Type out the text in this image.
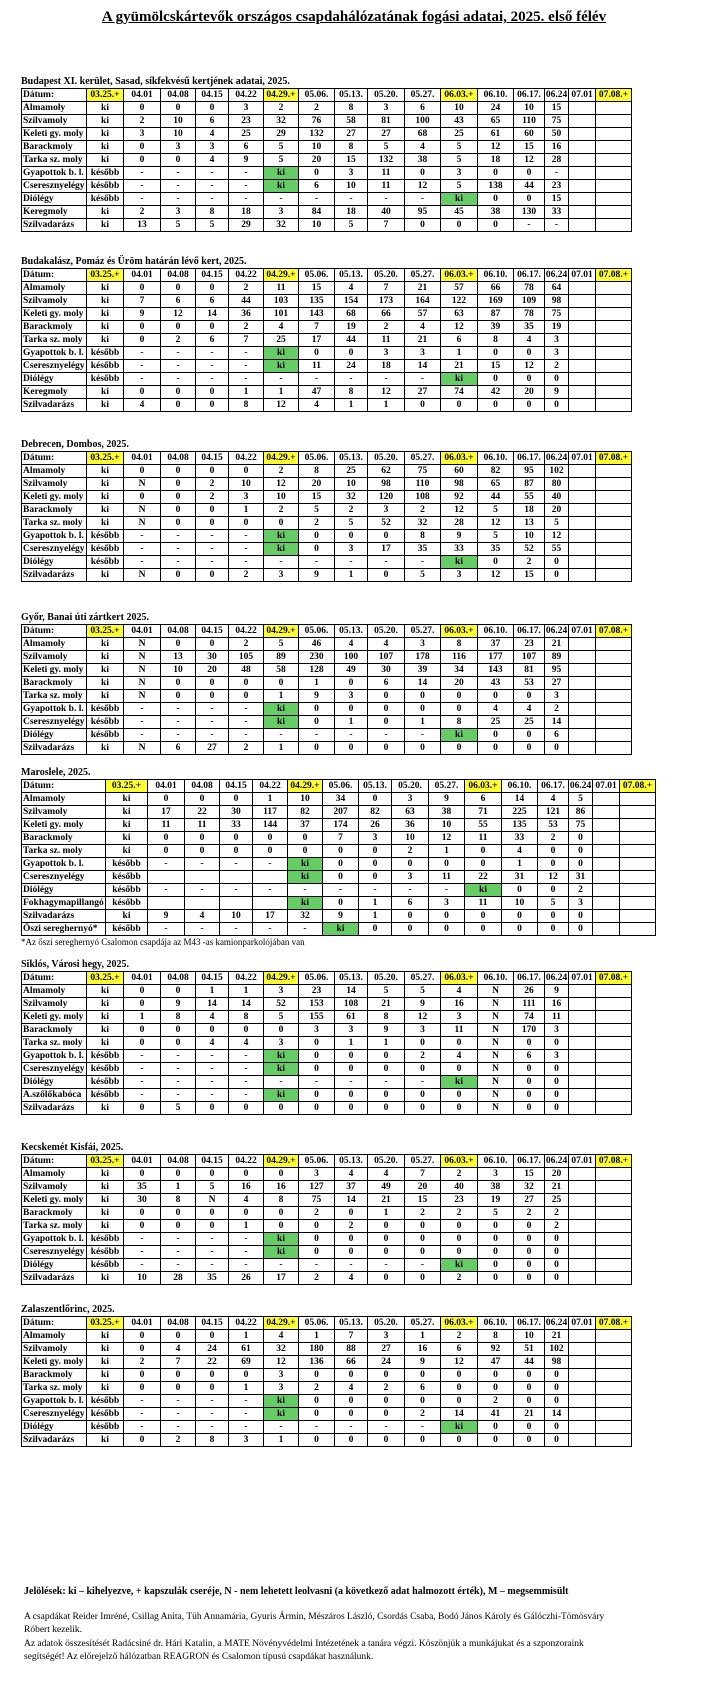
A gyümölcskártevők országos csapdahálózatának fogási adatai, 2025. első félév
Budapest XI. kerület, Sasad, síkfekvésű kertjének adatai, 2025.
Dátum:	03.25.+	04.01	04.08	04.15	04.22	04.29.+	05.06.	05.13.	05.20.	05.27.	06.03.+	06.10.	06.17.	06.24	07.01	07.08.+
Almamoly	ki	0	0	0	3	2	2	8	3	6	10	24	10	15		
Szilvamoly	ki	2	10	6	23	32	76	58	81	100	43	65	110	75		
Keleti gy. moly	ki	3	10	4	25	29	132	27	27	68	25	61	60	50		
Barackmoly	ki	0	3	3	6	5	10	8	5	4	5	12	15	16		
Tarka sz. moly	ki	0	0	4	9	5	20	15	132	38	5	18	12	28		
Gyapottok b. l.	később	-	-	-	-	ki	0	3	11	0	3	0	0	-		
Cseresznyelégy	később	-	-	-	-	ki	6	10	11	12	5	138	44	23		
Diólégy	később	-	-	-	-	-	-	-	-	-	ki	0	0	15		
Keregmoly	ki	2	3	8	18	3	84	18	40	95	45	38	130	33		
Szilvadarázs	ki	13	5	5	29	32	10	5	7	0	0	0	-	-		
Budakalász, Pomáz és Üröm határán lévő kert, 2025.
Dátum:	03.25.+	04.01	04.08	04.15	04.22	04.29.+	05.06.	05.13.	05.20.	05.27.	06.03.+	06.10.	06.17.	06.24	07.01	07.08.+
Almamoly	ki	0	0	0	2	11	15	4	7	21	57	66	78	64		
Szilvamoly	ki	7	6	6	44	103	135	154	173	164	122	169	109	98		
Keleti gy. moly	ki	9	12	14	36	101	143	68	66	57	63	87	78	75		
Barackmoly	ki	0	0	0	2	4	7	19	2	4	12	39	35	19		
Tarka sz. moly	ki	0	2	6	7	25	17	44	11	21	6	8	4	3		
Gyapottok b. l.	később	-	-	-	-	ki	0	0	3	3	1	0	0	3		
Cseresznyelégy	később	-	-	-	-	ki	11	24	18	14	21	15	12	2		
Diólégy	később	-	-	-	-	-	-	-	-	-	ki	0	0	0		
Keregmoly	ki	0	0	0	1	1	47	8	12	27	74	42	20	9		
Szilvadarázs	ki	4	0	0	8	12	4	1	1	0	0	0	0	0		
Debrecen, Dombos, 2025.
Dátum:	03.25.+	04.01	04.08	04.15	04.22	04.29.+	05.06.	05.13.	05.20.	05.27.	06.03.+	06.10.	06.17.	06.24	07.01	07.08.+
Almamoly	ki	0	0	0	0	2	8	25	62	75	60	82	95	102		
Szilvamoly	ki	N	0	2	10	12	20	10	98	110	98	65	87	80		
Keleti gy. moly	ki	0	0	2	3	10	15	32	120	108	92	44	55	40		
Barackmoly	ki	N	0	0	1	2	5	2	3	2	12	5	18	20		
Tarka sz. moly	ki	N	0	0	0	0	2	5	52	32	28	12	13	5		
Gyapottok b. l.	később	-	-	-	-	ki	0	0	0	8	9	5	10	12		
Cseresznyelégy	később	-	-	-	-	ki	0	3	17	35	33	35	52	55		
Diólégy	később	-	-	-	-	-	-	-	-	-	ki	0	2	0		
Szilvadarázs	ki	N	0	0	2	3	9	1	0	5	3	12	15	0		
Győr, Banai úti zártkert 2025.
Dátum:	03.25.+	04.01	04.08	04.15	04.22	04.29.+	05.06.	05.13.	05.20.	05.27.	06.03.+	06.10.	06.17.	06.24	07.01	07.08.+
Almamoly	ki	N	0	0	2	5	46	4	4	3	8	37	23	21		
Szilvamoly	ki	N	13	30	105	89	230	100	107	178	116	177	107	89		
Keleti gy. moly	ki	N	10	20	48	58	128	49	30	39	34	143	81	95		
Barackmoly	ki	N	0	0	0	0	1	0	6	14	20	43	53	27		
Tarka sz. moly	ki	N	0	0	0	1	9	3	0	0	0	0	0	3		
Gyapottok b. l.	később	-	-	-	-	ki	0	0	0	0	0	4	4	2		
Cseresznyelégy	később	-	-	-	-	ki	0	1	0	1	8	25	25	14		
Diólégy	később	-	-	-	-	-	-	-	-	-	ki	0	0	6		
Szilvadarázs	ki	N	6	27	2	1	0	0	0	0	0	0	0	0		
Maroslele, 2025.
Dátum:	03.25.+	04.01	04.08	04.15	04.22	04.29.+	05.06.	05.13.	05.20.	05.27.	06.03.+	06.10.	06.17.	06.24	07.01	07.08.+
Almamoly	ki	0	0	0	1	10	34	0	3	9	6	14	4	5		
Szilvamoly	ki	17	22	30	117	82	207	82	63	38	71	225	121	86		
Keleti gy. moly	ki	11	11	33	144	37	174	26	36	10	55	135	53	75		
Barackmoly	ki	0	0	0	0	0	7	3	10	12	11	33	2	0		
Tarka sz. moly	ki	0	0	0	0	0	0	0	2	1	0	4	0	0		
Gyapottok b. l.	később	-	-	-	-	ki	0	0	0	0	0	1	0	0		
Cseresznyelégy	később					ki	0	0	3	11	22	31	12	31		
Diólégy	később	-	-	-	-	-	-	-	-	-	ki	0	0	2		
Fokhagymapillangó	később					ki	0	1	6	3	11	10	5	3		
Szilvadarázs	ki	9	4	10	17	32	9	1	0	0	0	0	0	0		
Őszi sereghernyó*	később	-	-	-	-	-	ki	0	0	0	0	0	0	0		
*Az őszi sereghernyó Csalomon csapdája az M43 -as kamionparkolójában van
Siklós, Városi hegy, 2025.
Dátum:	03.25.+	04.01	04.08	04.15	04.22	04.29.+	05.06.	05.13.	05.20.	05.27.	06.03.+	06.10.	06.17.	06.24	07.01	07.08.+
Almamoly	ki	0	0	1	1	3	23	14	5	5	4	N	26	9		
Szilvamoly	ki	0	9	14	14	52	153	108	21	9	16	N	111	16		
Keleti gy. moly	ki	1	8	4	8	5	155	61	8	12	3	N	74	11		
Barackmoly	ki	0	0	0	0	0	3	3	9	3	11	N	170	3		
Tarka sz. moly	ki	0	0	4	4	3	0	1	1	0	0	N	0	0		
Gyapottok b. l.	később	-	-	-	-	ki	0	0	0	2	4	N	6	3		
Cseresznyelégy	később	-	-	-	-	ki	0	0	0	0	0	N	0	0		
Diólégy	később	-	-	-	-	-	-	-	-	-	ki	N	0	0		
A.szőlőkabóca	később	-	-	-	-	ki	0	0	0	0	0	N	0	0		
Szilvadarázs	ki	0	5	0	0	0	0	0	0	0	0	N	0	0		
Kecskemét Kisfái, 2025.
Dátum:	03.25.+	04.01	04.08	04.15	04.22	04.29.+	05.06.	05.13.	05.20.	05.27.	06.03.+	06.10.	06.17.	06.24	07.01	07.08.+
Almamoly	ki	0	0	0	0	0	3	4	4	7	2	3	15	20		
Szilvamoly	ki	35	1	5	16	16	127	37	49	20	40	38	32	21		
Keleti gy. moly	ki	30	8	N	4	8	75	14	21	15	23	19	27	25		
Barackmoly	ki	0	0	0	0	0	2	0	1	2	2	5	2	2		
Tarka sz. moly	ki	0	0	0	1	0	0	2	0	0	0	0	0	2		
Gyapottok b. l.	később	-	-	-	-	ki	0	0	0	0	0	0	0	0		
Cseresznyelégy	később	-	-	-	-	ki	0	0	0	0	0	0	0	0		
Diólégy	később	-	-	-	-	-	-	-	-	-	ki	0	0	0		
Szilvadarázs	ki	10	28	35	26	17	2	4	0	0	2	0	0	0		
Zalaszentlőrinc, 2025.
Dátum:	03.25.+	04.01	04.08	04.15	04.22	04.29.+	05.06.	05.13.	05.20.	05.27.	06.03.+	06.10.	06.17.	06.24	07.01	07.08.+
Almamoly	ki	0	0	0	1	4	1	7	3	1	2	8	10	21		
Szilvamoly	ki	0	4	24	61	32	180	88	27	16	6	92	51	102		
Keleti gy. moly	ki	2	7	22	69	12	136	66	24	9	12	47	44	98		
Barackmoly	ki	0	0	0	0	3	0	0	0	0	0	0	0	0		
Tarka sz. moly	ki	0	0	0	1	3	2	4	2	6	0	0	0	0		
Gyapottok b. l.	később	-	-	-	-	ki	0	0	0	0	0	2	0	0		
Cseresznyelégy	később	-	-	-	-	ki	0	0	0	2	14	41	21	14		
Diólégy	később	-	-	-	-	-	-	-	-	-	ki	0	0	0		
Szilvadarázs	ki	0	2	8	3	1	0	0	0	0	0	0	0	0		
Jelölések: ki – kihelyezve, + kapszulák cseréje, N - nem lehetett leolvasni (a következő adat halmozott érték), M – megsemmisült

A csapdákat Reider Imréné, Csillag Anita, Tüh Annamária, Gyuris Ármin, Mészáros László, Csordás Csaba, Bodó János Károly és Gálóczhi-Tömösváry Róbert kezelik.

Az adatok összesítését Radácsiné dr. Hári Katalin, a MATE Növényvédelmi Intézetének a tanára végzi. Köszönjük a munkájukat és a szponzoraink segítségét! Az előrejelző hálózatban REAGRON és Csalomon típusú csapdákat használunk.
